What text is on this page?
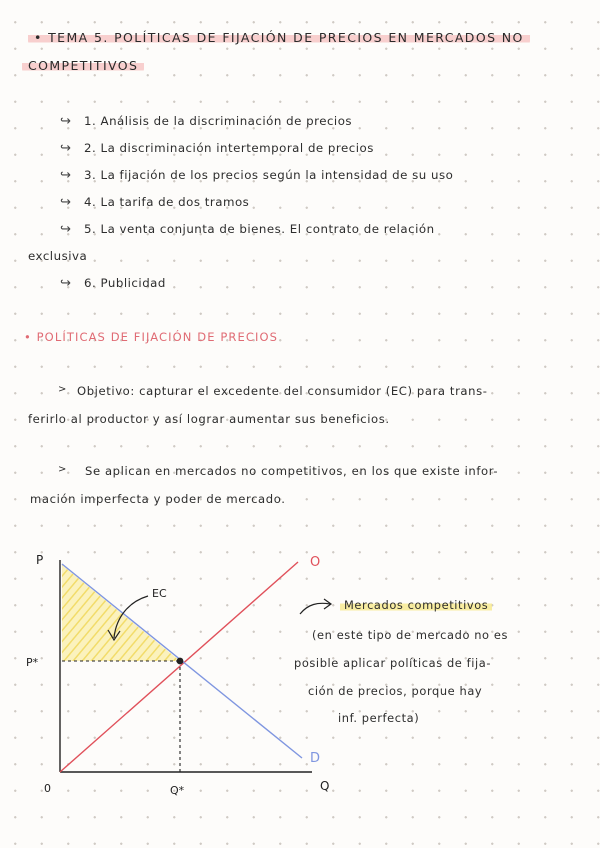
• TEMA 5. POLÍTICAS DE FIJACIÓN DE PRECIOS EN MERCADOS NO
COMPETITIVOS
↪ 1. Análisis de la discriminación de precios
↪ 2. La discriminación intertemporal de precios
↪ 3. La fijación de los precios según la intensidad de su uso
↪ 4. La tarifa de dos tramos
↪ 5. La venta conjunta de bienes. El contrato de relación
exclusiva
↪ 6. Publicidad
• POLÍTICAS DE FIJACIÓN DE PRECIOS
> Objetivo: capturar el excedente del consumidor (EC) para trans-
ferirlo al productor y así lograr aumentar sus beneficios.
> Se aplican en mercados no competitivos, en los que existe infor-
mación imperfecta y poder de mercado.
P
Q
0
P*
Q*
O
D
EC
Mercados competitivos
(en este tipo de mercado no es
posible aplicar políticas de fija-
ción de precios, porque hay
inf. perfecta)
